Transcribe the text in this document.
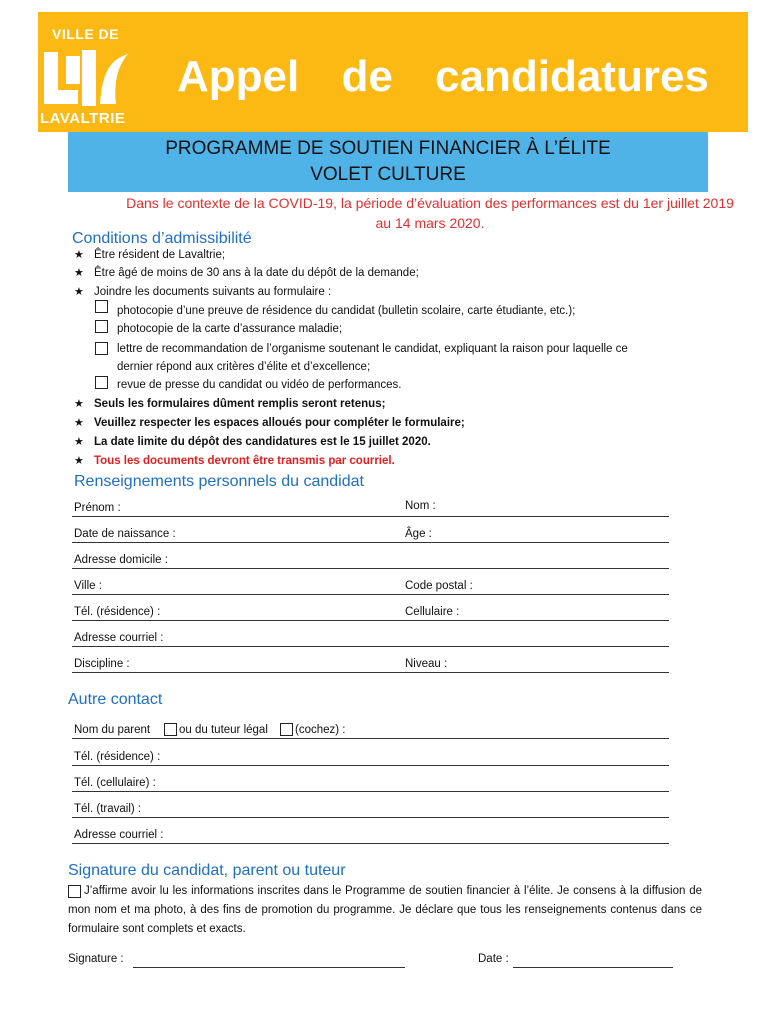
VILLE DE
LAVALTRIE
Appel de candidatures
PROGRAMME DE SOUTIEN FINANCIER À L’ÉLITE
VOLET CULTURE
Dans le contexte de la COVID-19, la période d’évaluation des performances est du 1er juillet 2019 au 14 mars 2020.
Conditions d’admissibilité
★ Être résident de Lavaltrie;
★ Être âgé de moins de 30 ans à la date du dépôt de la demande;
★ Joindre les documents suivants au formulaire :
photocopie d’une preuve de résidence du candidat (bulletin scolaire, carte étudiante, etc.);
photocopie de la carte d’assurance maladie;
lettre de recommandation de l’organisme soutenant le candidat, expliquant la raison pour laquelle ce
dernier répond aux critères d’élite et d’excellence;
revue de presse du candidat ou vidéo de performances.
★ Seuls les formulaires dûment remplis seront retenus;
★ Veuillez respecter les espaces alloués pour compléter le formulaire;
★ La date limite du dépôt des candidatures est le 15 juillet 2020.
★ Tous les documents devront être transmis par courriel.
Renseignements personnels du candidat
Prénom :	Nom :
Date de naissance :	Âge :
Adresse domicile :
Ville :	Code postal :
Tél. (résidence) :	Cellulaire :
Adresse courriel :
Discipline :	Niveau :
Autre contact
Nom du parent	ou du tuteur légal (cochez) :
Tél. (résidence) :
Tél. (cellulaire) :
Tél. (travail) :
Adresse courriel :
Signature du candidat, parent ou tuteur
J’affirme avoir lu les informations inscrites dans le Programme de soutien financier à l’élite. Je consens à la diffusion de mon nom et ma photo, à des fins de promotion du programme. Je déclare que tous les renseignements contenus dans ce formulaire sont complets et exacts.
Signature :	Date :
